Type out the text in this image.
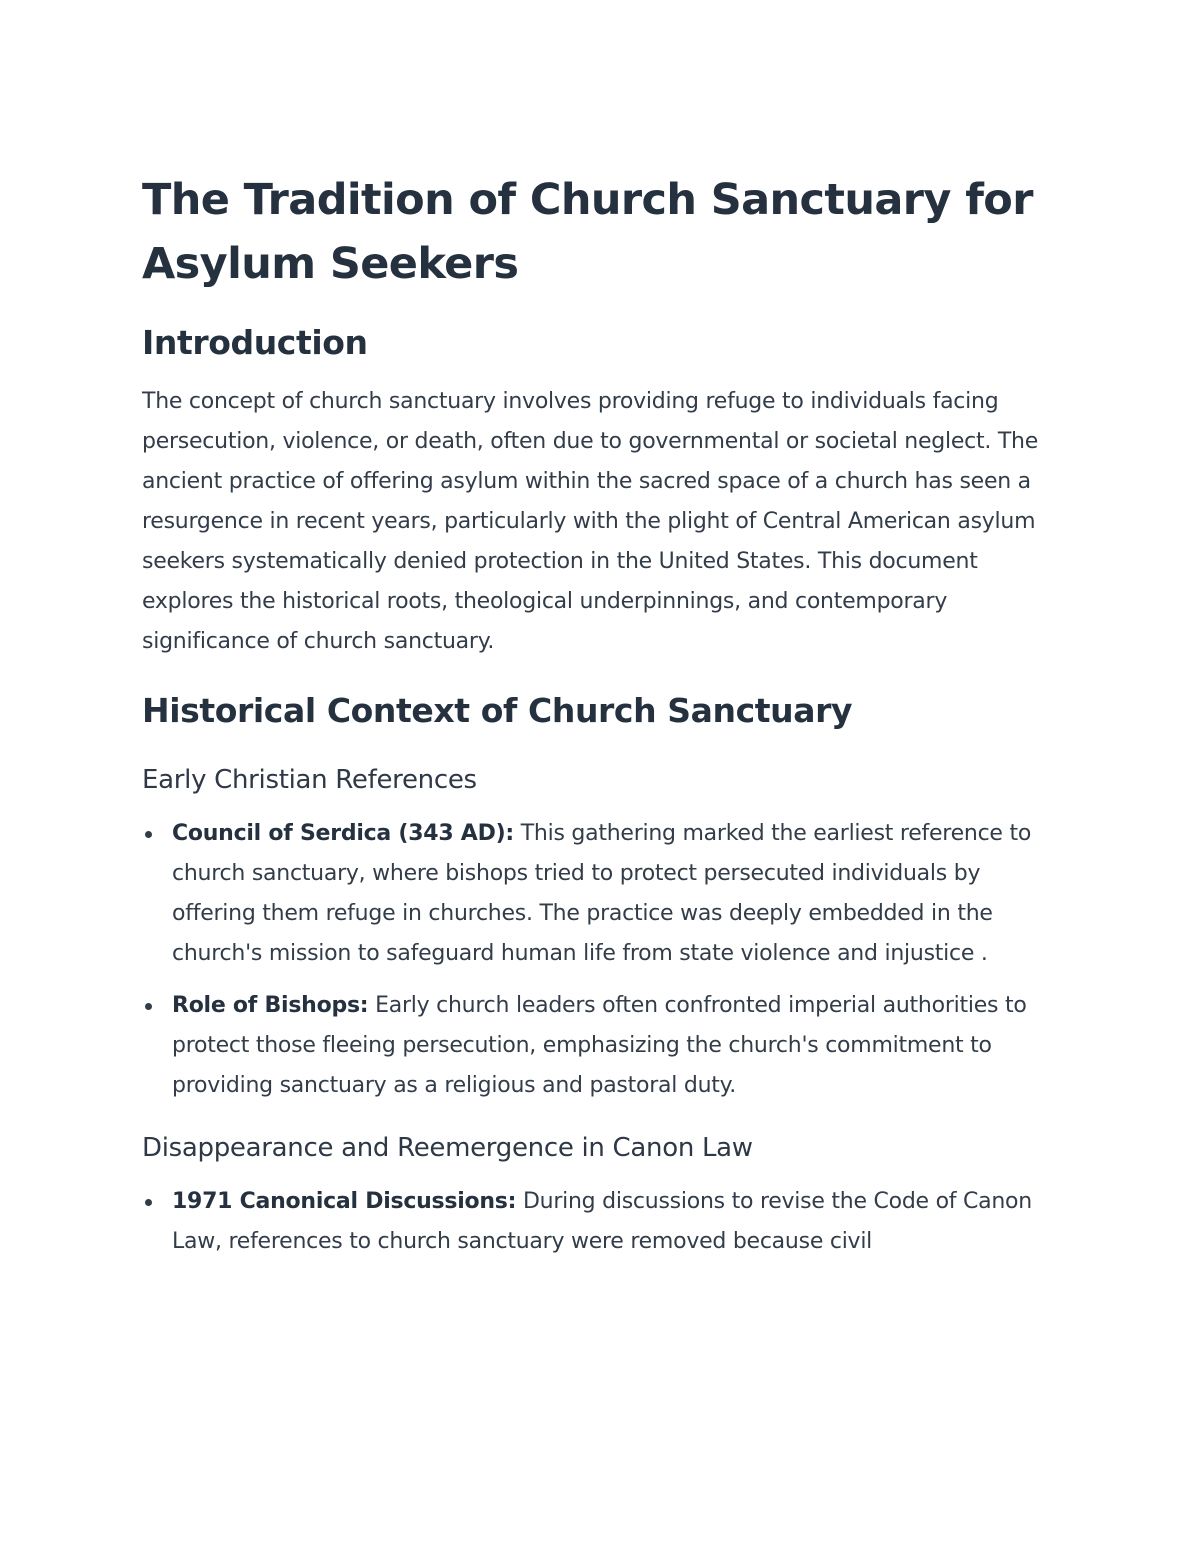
The Tradition of Church Sanctuary for Asylum Seekers
Introduction

The concept of church sanctuary involves providing refuge to individuals facing persecution, violence, or death, often due to governmental or societal neglect. The ancient practice of offering asylum within the sacred space of a church has seen a resurgence in recent years, particularly with the plight of Central American asylum seekers systematically denied protection in the United States. This document explores the historical roots, theological underpinnings, and contemporary significance of church sanctuary.

Historical Context of Church Sanctuary
Early Christian References
Council of Serdica (343 AD): This gathering marked the earliest reference to church sanctuary, where bishops tried to protect persecuted individuals by offering them refuge in churches. The practice was deeply embedded in the church's mission to safeguard human life from state violence and injustice .
Role of Bishops: Early church leaders often confronted imperial authorities to protect those fleeing persecution, emphasizing the church's commitment to providing sanctuary as a religious and pastoral duty.
Disappearance and Reemergence in Canon Law
1971 Canonical Discussions: During discussions to revise the Code of Canon Law, references to church sanctuary were removed because civil
